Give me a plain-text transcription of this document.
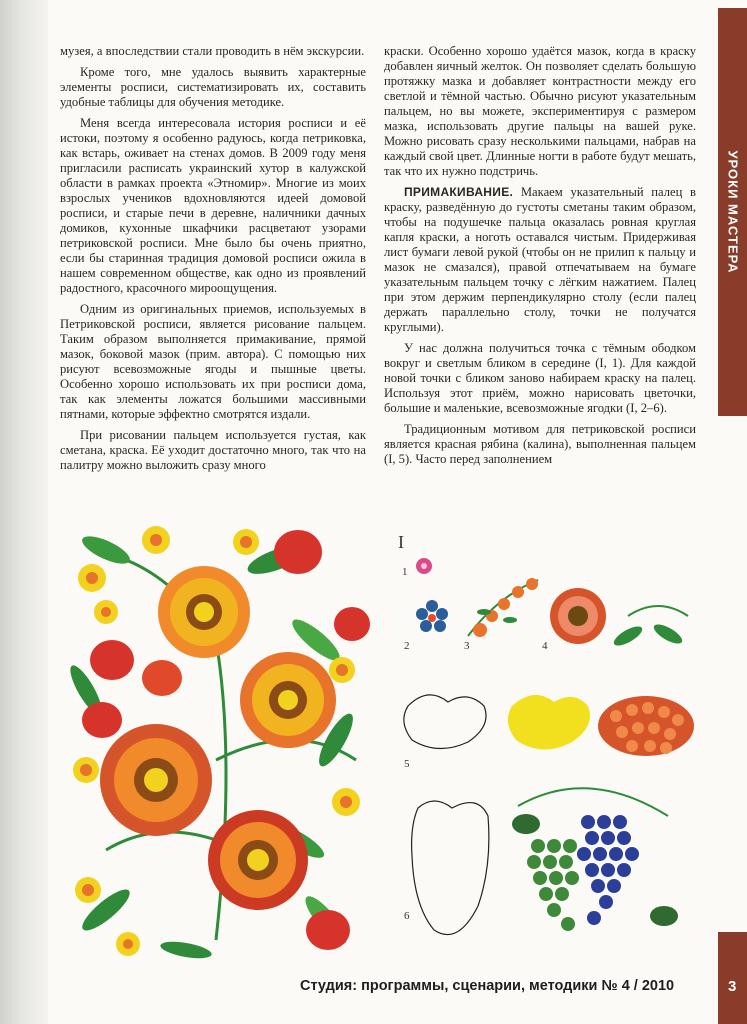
УРОКИ МАСТЕРА

музея, а впоследствии стали проводить в нём экскурсии.

Кроме того, мне удалось выявить характерные элементы росписи, систематизировать их, составить удобные таблицы для обучения методике.

Меня всегда интересовала история росписи и её истоки, поэтому я особенно радуюсь, когда петриковка, как встарь, оживает на стенах домов. В 2009 году меня пригласили расписать украинский хутор в калужской области в рамках проекта «Этномир». Многие из моих взрослых учеников вдохновляются идеей домовой росписи, и старые печи в деревне, наличники дачных домиков, кухонные шкафчики расцветают узорами петриковской росписи. Мне было бы очень приятно, если бы старинная традиция домовой росписи ожила в нашем современном обществе, как одно из проявлений радостного, красочного мироощущения.

Одним из оригинальных приемов, используемых в Петриковской росписи, является рисование пальцем. Таким образом выполняется примакивание, прямой мазок, боковой мазок (прим. автора). С помощью них рисуют всевозможные ягоды и пышные цветы. Особенно хорошо использовать их при росписи дома, так как элементы ложатся большими массивными пятнами, которые эффектно смотрятся издали.

При рисовании пальцем используется густая, как сметана, краска. Её уходит достаточно много, так что на палитру можно выложить сразу много

краски. Особенно хорошо удаётся мазок, когда в краску добавлен яичный желток. Он позволяет сделать большую протяжку мазка и добавляет контрастности между его светлой и тёмной частью. Обычно рисуют указательным пальцем, но вы можете, экспериментируя с размером мазка, использовать другие пальцы на вашей руке. Можно рисовать сразу несколькими пальцами, набрав на каждый свой цвет. Длинные ногти в работе будут мешать, так что их нужно подстричь.

ПРИМАКИВАНИЕ. Макаем указательный палец в краску, разведённую до густоты сметаны таким образом, чтобы на подушечке пальца оказалась ровная круглая капля краски, а ноготь оставался чистым. Придерживая лист бумаги левой рукой (чтобы он не прилип к пальцу и мазок не смазался), правой отпечатываем на бумаге указательным пальцем точку с лёгким нажатием. Палец при этом держим перпендикулярно столу (если палец держать параллельно столу, точки не получатся круглыми).

У нас должна получиться точка с тёмным ободком вокруг и светлым бликом в середине (I, 1). Для каждой новой точки с бликом заново набираем краску на палец. Используя этот приём, можно нарисовать цветочки, большие и маленькие, всевозможные ягодки (I, 2–6).

Традиционным мотивом для петриковской росписи является красная рябина (калина), выполненная пальцем (I, 5). Часто перед заполнением

I
1
2	3	4
5
6
Студия: программы, сценарии, методики № 4 / 2010	3
